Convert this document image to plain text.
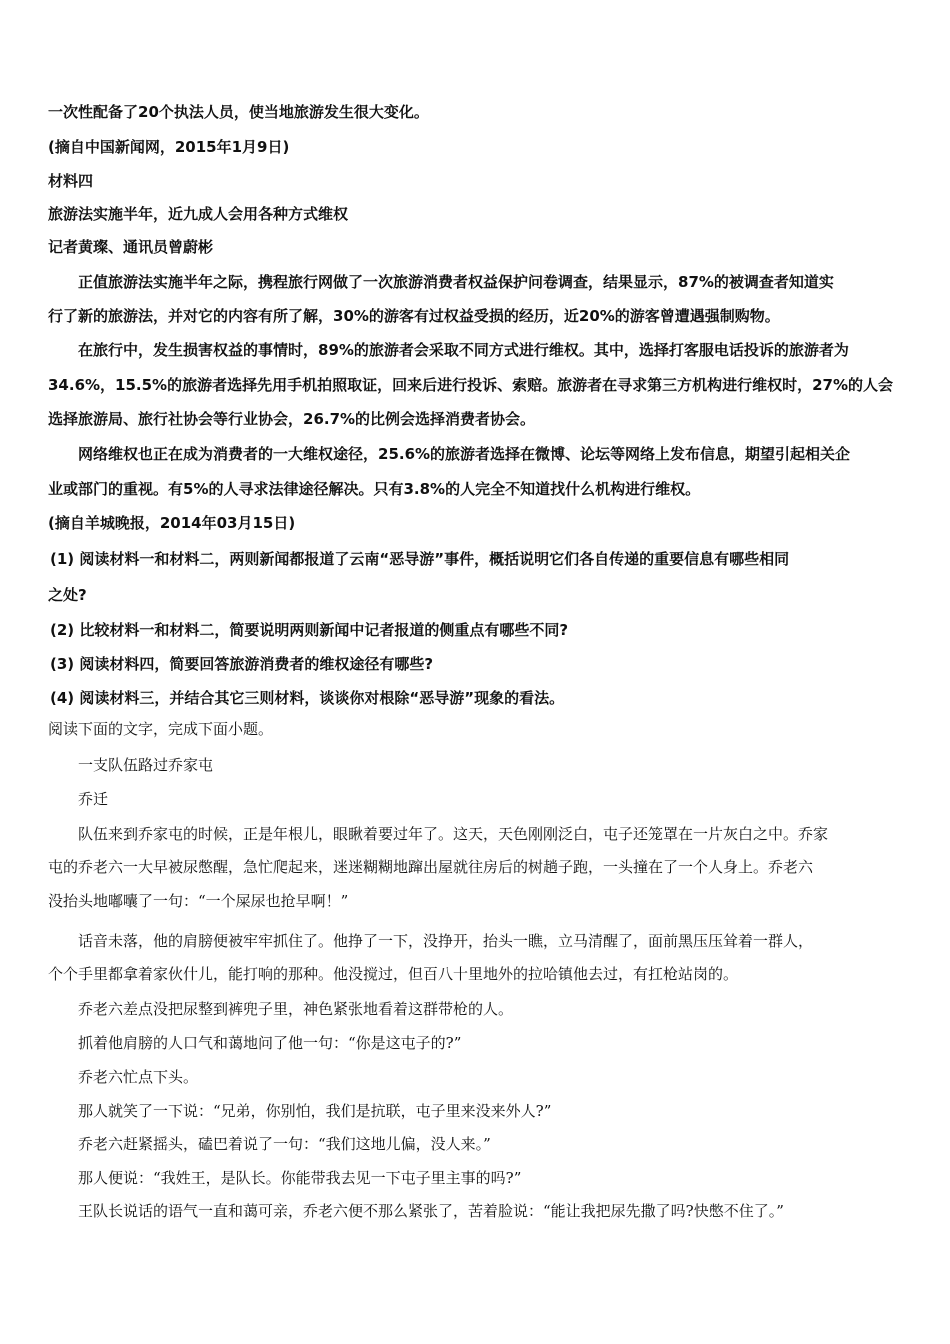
一次性配备了20个执法人员，使当地旅游发生很大变化。
(摘自中国新闻网，2015年1月9日)
材料四
旅游法实施半年，近九成人会用各种方式维权
记者黄璨、通讯员曾蔚彬
正值旅游法实施半年之际，携程旅行网做了一次旅游消费者权益保护问卷调查，结果显示，87%的被调查者知道实
行了新的旅游法，并对它的内容有所了解，30%的游客有过权益受损的经历，近20%的游客曾遭遇强制购物。
在旅行中，发生损害权益的事情时，89%的旅游者会采取不同方式进行维权。其中，选择打客服电话投诉的旅游者为
34.6%，15.5%的旅游者选择先用手机拍照取证，回来后进行投诉、索赔。旅游者在寻求第三方机构进行维权时，27%的人会
选择旅游局、旅行社协会等行业协会，26.7%的比例会选择消费者协会。
网络维权也正在成为消费者的一大维权途径，25.6%的旅游者选择在微博、论坛等网络上发布信息，期望引起相关企
业或部门的重视。有5%的人寻求法律途径解决。只有3.8%的人完全不知道找什么机构进行维权。
(摘自羊城晚报，2014年03月15日)
(1) 阅读材料一和材料二，两则新闻都报道了云南“恶导游”事件，概括说明它们各自传递的重要信息有哪些相同
之处?
(2) 比较材料一和材料二，简要说明两则新闻中记者报道的侧重点有哪些不同?
(3) 阅读材料四，简要回答旅游消费者的维权途径有哪些?
(4) 阅读材料三，并结合其它三则材料，谈谈你对根除“恶导游”现象的看法。
阅读下面的文字，完成下面小题。
一支队伍路过乔家屯
乔迁
队伍来到乔家屯的时候，正是年根儿，眼瞅着要过年了。这天，天色刚刚泛白，屯子还笼罩在一片灰白之中。乔家
屯的乔老六一大早被尿憋醒，急忙爬起来，迷迷糊糊地蹿出屋就往房后的树趟子跑，一头撞在了一个人身上。乔老六
没抬头地嘟囔了一句：“一个屎尿也抢早啊！”
话音未落，他的肩膀便被牢牢抓住了。他挣了一下，没挣开，抬头一瞧，立马清醒了，面前黑压压耸着一群人，
个个手里都拿着家伙什儿，能打响的那种。他没搅过，但百八十里地外的拉哈镇他去过，有扛枪站岗的。
乔老六差点没把尿整到裤兜子里，神色紧张地看着这群带枪的人。
抓着他肩膀的人口气和蔼地问了他一句：“你是这屯子的?”
乔老六忙点下头。
那人就笑了一下说：“兄弟，你别怕，我们是抗联，屯子里来没来外人?”
乔老六赶紧摇头，磕巴着说了一句：“我们这地儿偏，没人来。”
那人便说：“我姓王，是队长。你能带我去见一下屯子里主事的吗?”
王队长说话的语气一直和蔼可亲，乔老六便不那么紧张了，苦着脸说：“能让我把尿先撒了吗?快憋不住了。”
